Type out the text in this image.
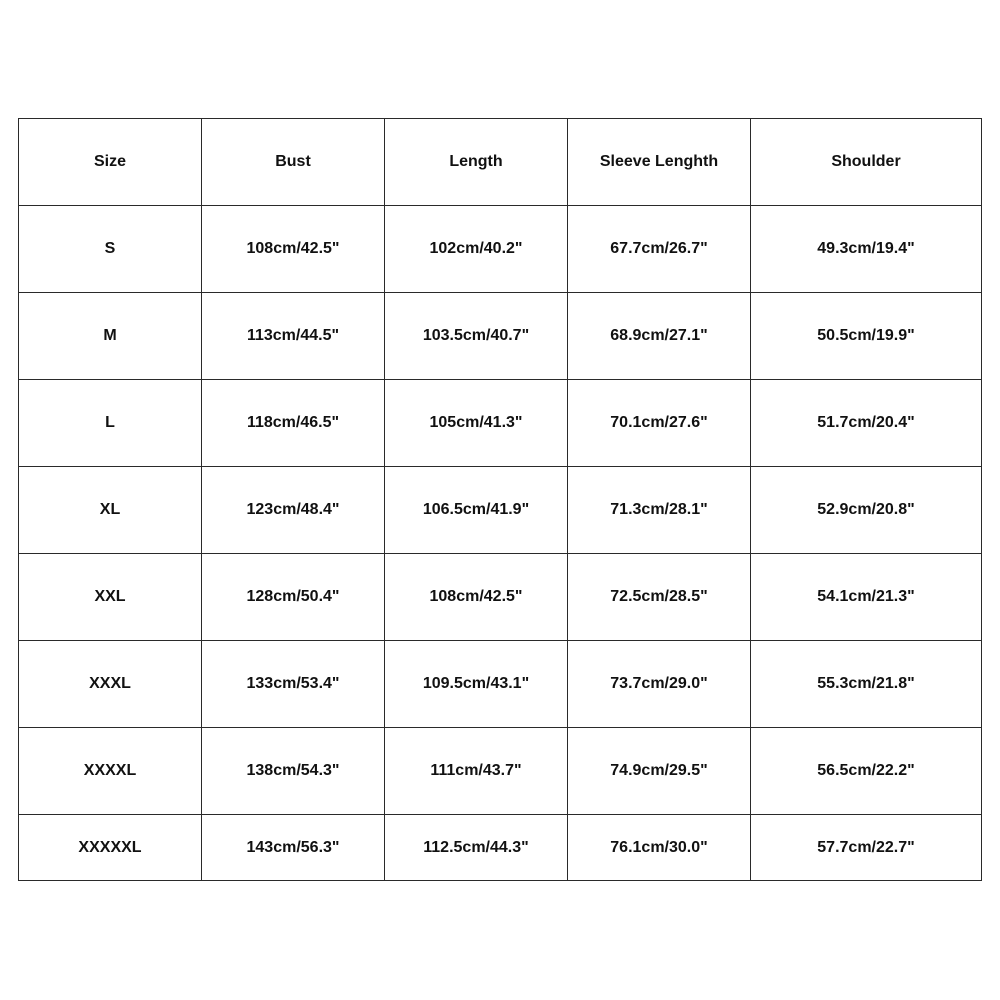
Size	Bust	Length	Sleeve Lenghth	Shoulder
S	108cm/42.5"	102cm/40.2"	67.7cm/26.7"	49.3cm/19.4"
M	113cm/44.5"	103.5cm/40.7"	68.9cm/27.1"	50.5cm/19.9"
L	118cm/46.5"	105cm/41.3"	70.1cm/27.6"	51.7cm/20.4"
XL	123cm/48.4"	106.5cm/41.9"	71.3cm/28.1"	52.9cm/20.8"
XXL	128cm/50.4"	108cm/42.5"	72.5cm/28.5"	54.1cm/21.3"
XXXL	133cm/53.4"	109.5cm/43.1"	73.7cm/29.0"	55.3cm/21.8"
XXXXL	138cm/54.3"	111cm/43.7"	74.9cm/29.5"	56.5cm/22.2"
XXXXXL	143cm/56.3"	112.5cm/44.3"	76.1cm/30.0"	57.7cm/22.7"
